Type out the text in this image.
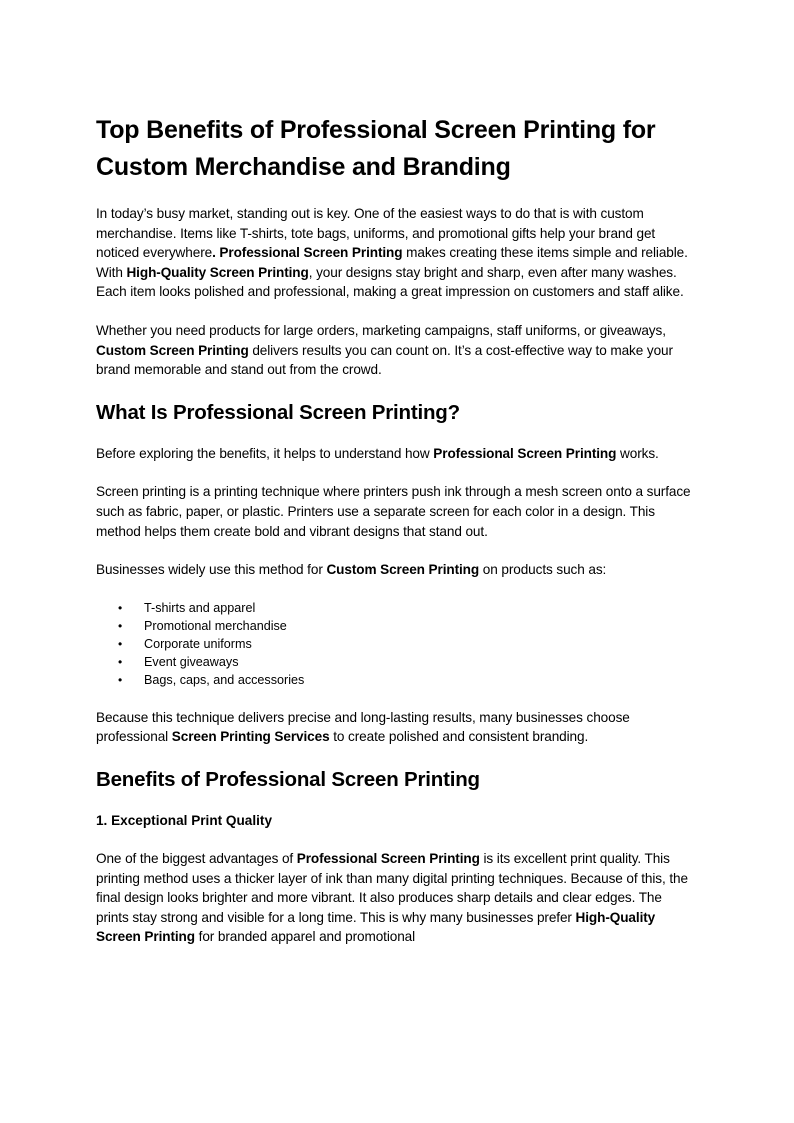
Top Benefits of Professional Screen Printing for Custom Merchandise and Branding

In today’s busy market, standing out is key. One of the easiest ways to do that is with custom merchandise. Items like T-shirts, tote bags, uniforms, and promotional gifts help your brand get noticed everywhere. Professional Screen Printing makes creating these items simple and reliable. With High-Quality Screen Printing, your designs stay bright and sharp, even after many washes. Each item looks polished and professional, making a great impression on customers and staff alike.

Whether you need products for large orders, marketing campaigns, staff uniforms, or giveaways, Custom Screen Printing delivers results you can count on. It’s a cost-effective way to make your brand memorable and stand out from the crowd.

What Is Professional Screen Printing?

Before exploring the benefits, it helps to understand how Professional Screen Printing works.

Screen printing is a printing technique where printers push ink through a mesh screen onto a surface such as fabric, paper, or plastic. Printers use a separate screen for each color in a design. This method helps them create bold and vibrant designs that stand out.

Businesses widely use this method for Custom Screen Printing on products such as:

• T-shirts and apparel
• Promotional merchandise
• Corporate uniforms
• Event giveaways
• Bags, caps, and accessories

Because this technique delivers precise and long-lasting results, many businesses choose professional Screen Printing Services to create polished and consistent branding.

Benefits of Professional Screen Printing
1. Exceptional Print Quality

One of the biggest advantages of Professional Screen Printing is its excellent print quality. This printing method uses a thicker layer of ink than many digital printing techniques. Because of this, the final design looks brighter and more vibrant. It also produces sharp details and clear edges. The prints stay strong and visible for a long time. This is why many businesses prefer High-Quality Screen Printing for branded apparel and promotional
